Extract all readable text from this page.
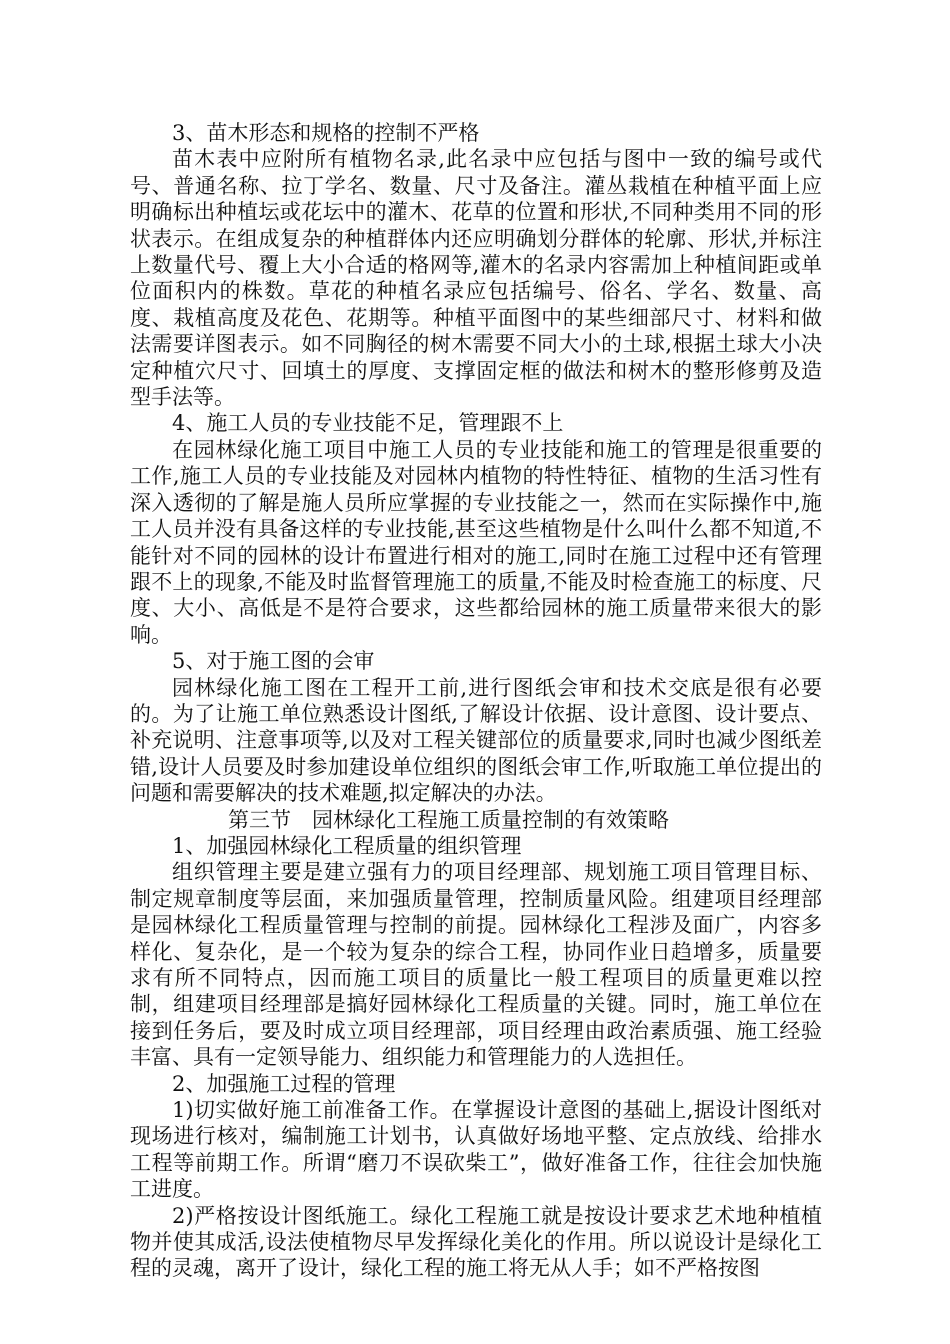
3、苗木形态和规格的控制不严格

苗木表中应附所有植物名录,此名录中应包括与图中一致的编号或代号、普通名称、拉丁学名、数量、尺寸及备注。灌丛栽植在种植平面上应明确标出种植坛或花坛中的灌木、花草的位置和形状,不同种类用不同的形状表示。在组成复杂的种植群体内还应明确划分群体的轮廓、形状,并标注上数量代号、覆上大小合适的格网等,灌木的名录内容需加上种植间距或单位面积内的株数。草花的种植名录应包括编号、俗名、学名、数量、高度、栽植高度及花色、花期等。种植平面图中的某些细部尺寸、材料和做法需要详图表示。如不同胸径的树木需要不同大小的土球,根据土球大小决定种植穴尺寸、回填土的厚度、支撑固定框的做法和树木的整形修剪及造型手法等。

4、施工人员的专业技能不足，管理跟不上

在园林绿化施工项目中施工人员的专业技能和施工的管理是很重要的工作,施工人员的专业技能及对园林内植物的特性特征、植物的生活习性有深入透彻的了解是施人员所应掌握的专业技能之一，然而在实际操作中,施工人员并没有具备这样的专业技能,甚至这些植物是什么叫什么都不知道,不能针对不同的园林的设计布置进行相对的施工,同时在施工过程中还有管理跟不上的现象,不能及时监督管理施工的质量,不能及时检查施工的标度、尺度、大小、高低是不是符合要求，这些都给园林的施工质量带来很大的影响。

5、对于施工图的会审

园林绿化施工图在工程开工前,进行图纸会审和技术交底是很有必要的。为了让施工单位熟悉设计图纸,了解设计依据、设计意图、设计要点、补充说明、注意事项等,以及对工程关键部位的质量要求,同时也减少图纸差错,设计人员要及时参加建设单位组织的图纸会审工作,听取施工单位提出的问题和需要解决的技术难题,拟定解决的办法。

第三节　园林绿化工程施工质量控制的有效策略

1、加强园林绿化工程质量的组织管理

组织管理主要是建立强有力的项目经理部、规划施工项目管理目标、制定规章制度等层面，来加强质量管理，控制质量风险。组建项目经理部是园林绿化工程质量管理与控制的前提。园林绿化工程涉及面广，内容多样化、复杂化，是一个较为复杂的综合工程，协同作业日趋增多，质量要求有所不同特点，因而施工项目的质量比一般工程项目的质量更难以控制，组建项目经理部是搞好园林绿化工程质量的关键。同时，施工单位在接到任务后，要及时成立项目经理部，项目经理由政治素质强、施工经验丰富、具有一定领导能力、组织能力和管理能力的人选担任。

2、加强施工过程的管理

1)切实做好施工前准备工作。在掌握设计意图的基础上,据设计图纸对现场进行核对，编制施工计划书，认真做好场地平整、定点放线、给排水工程等前期工作。所谓“磨刀不误砍柴工”，做好准备工作，往往会加快施工进度。

2)严格按设计图纸施工。绿化工程施工就是按设计要求艺术地种植植物并使其成活,设法使植物尽早发挥绿化美化的作用。所以说设计是绿化工程的灵魂，离开了设计，绿化工程的施工将无从人手；如不严格按图
